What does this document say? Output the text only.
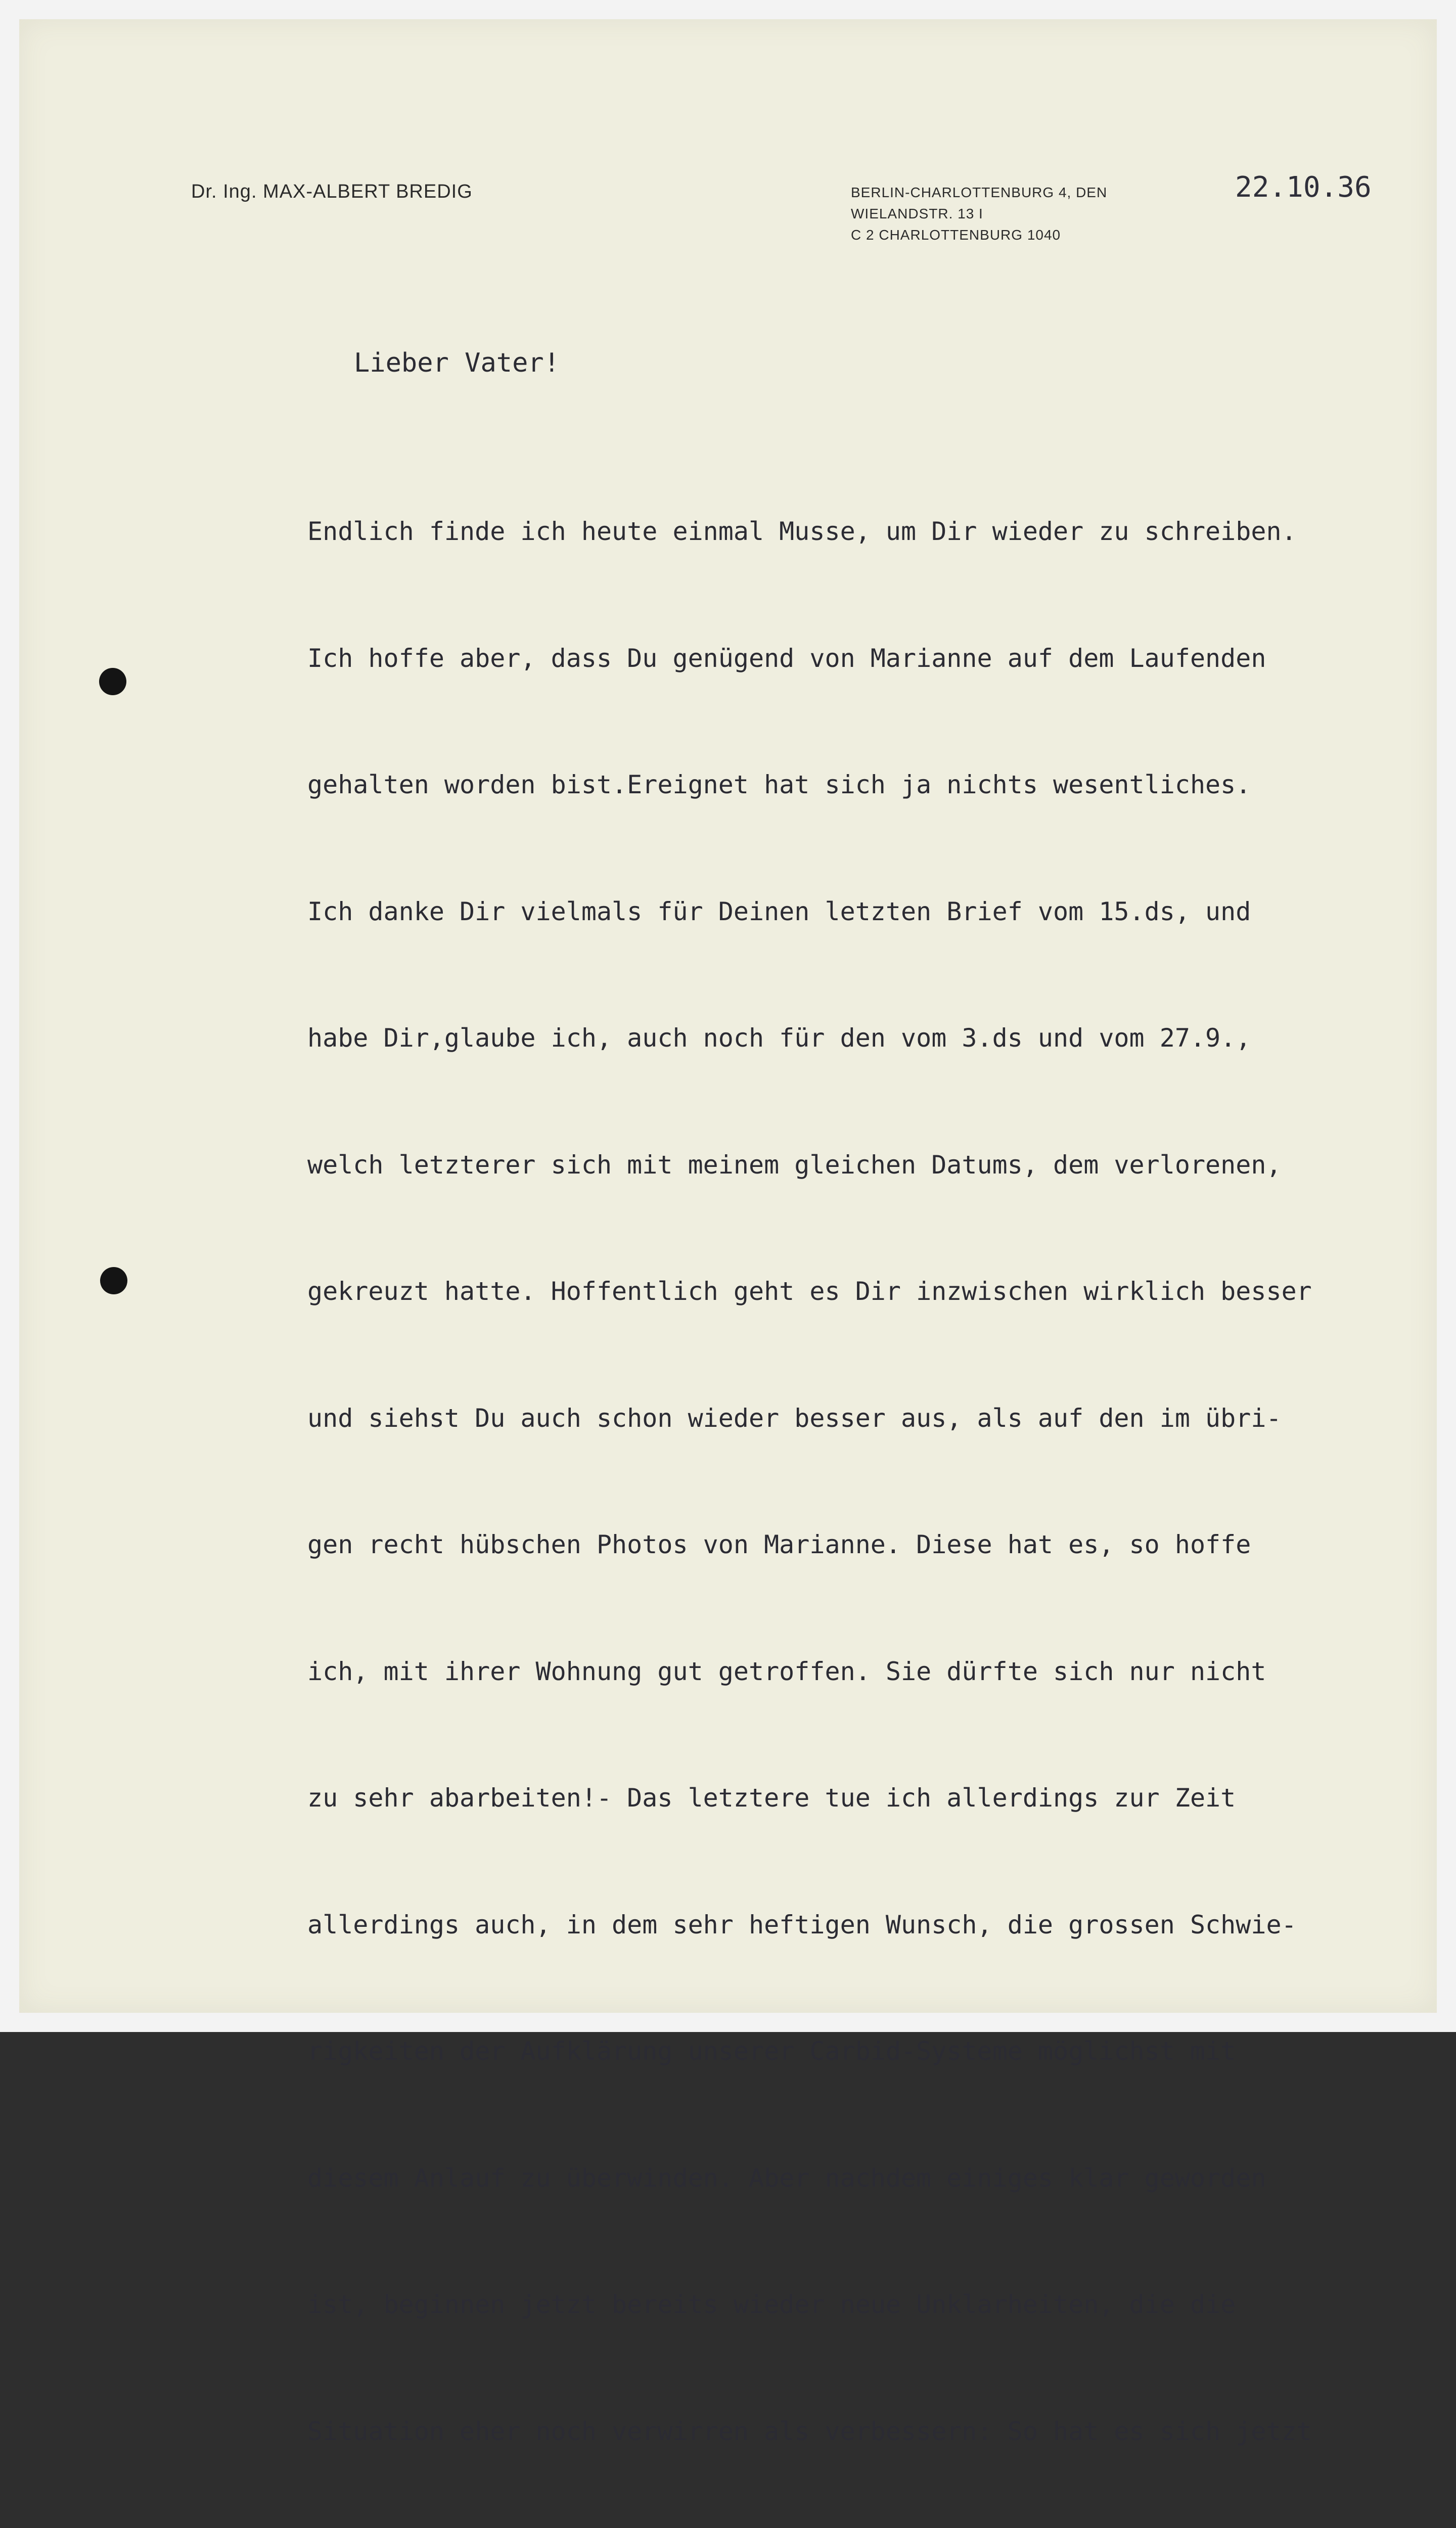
Dr. Ing. MAX-ALBERT BREDIG	BERLIN-CHARLOTTENBURG 4, DEN
WIELANDSTR. 13 I
C 2 CHARLOTTENBURG 1040
22.10.36
Lieber Vater!

Endlich finde ich heute einmal Musse, um Dir wieder zu schreiben.

Ich hoffe aber, dass Du genügend von Marianne auf dem Laufenden

gehalten worden bist.Ereignet hat sich ja nichts wesentliches.

Ich danke Dir vielmals für Deinen letzten Brief vom 15.ds, und

habe Dir,glaube ich, auch noch für den vom 3.ds und vom 27.9.,

welch letzterer sich mit meinem gleichen Datums, dem verlorenen,

gekreuzt hatte. Hoffentlich geht es Dir inzwischen wirklich besser

und siehst Du auch schon wieder besser aus, als auf den im übri-

gen recht hübschen Photos von Marianne. Diese hat es, so hoffe

ich, mit ihrer Wohnung gut getroffen. Sie dürfte sich nur nicht

zu sehr abarbeiten!- Das letztere tue ich allerdings zur Zeit

allerdings auch, in dem sehr heftigen Wunsch, die grossen Schwie-

rigkeiten der Aufklärung unserer Carbid-Systeme möglichst mit

diesem Anlauf zu überwinden. Aber nachdem einiges klar geworden

ist, beginnen jetzt bereits wieder neue Unklarheiten, die die

Situation eher noch verwirren als verbessern: So hat es sich jetzt
